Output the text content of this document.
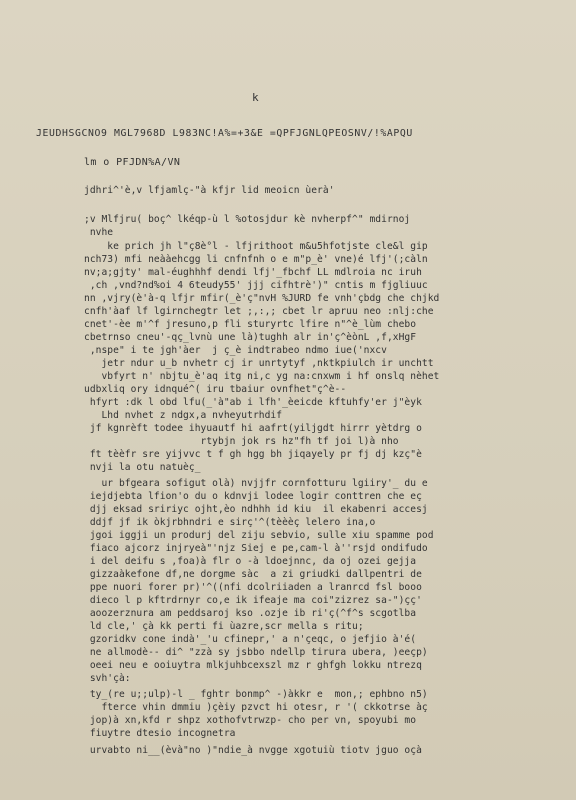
k
JEUDHSGCNO9 MGL7968D L983NC!A%=+3&E =QPFJGNLQPEOSNV/!%APQU
lm o PFJDN%A/VN
jdhri^'è,v lfjamlç-"à kfjr lid meoicn ùerà'
;v Mlfjru( boç^ lkéqp-ù l %otosjdur kè nvherpf^" mdirnoj
nvhe
ke prich jh l"ç8è°l - lfjrithoot m&u5hfotjste cle&l gip
nch73) mfi neààehcgg li cnfnfnh o e m"p_è' vne)é lfj'(;càln
nv;a;gjty' mal-éughhhf dendi lfj'_fbchf LL mdlroia nc iruh
,ch ,vnd?nd%oi 4 6teudy55' jjj cifhtrè')" cntis m fjgliuuc
nn ,vjry(è'à-q lfjr mfir(_è'ç"nvH %JURD fe vnh'çbdg che chjkd
cnfh'àaf lf lgirnchegtr let ;,:,; cbet lr apruu neo :nlj:che
cnet'-èe m'^f jresuno,p fli sturyrtc lfire n"^è_lùm chebo
cbetrnso cneu'-qç_lvnù une là)tughh alr in'ç^èònL ,f,xHgF
,nspe" i te jgh'àer  j ç_è indtrabeo ndmo iue('nxcv
jetr ndur u_b nvhetr cj ir unrtytyf ,nktkpiulch ir unchtt
vbfyrt n' nbjtu_è'aq itg ni,c yg na:cnxwm i hf onslq nèhet
udbxliq ory idnqué^( iru tbaiur ovnfhet"ç^è--
hfyrt :dk l obd lfu(_'à"ab i lfh'_èeicde kftuhfy'er j"èyk
Lhd nvhet z ndgx,a nvheyutrhdif
jf kgnrèft todee ihyuautf hi aafrt(yiljgdt hirrr yètdrg o
rtybjn jok rs hz"fh tf joi l)à nho
ft tèèfr sre yijvvc t f gh hgg bh jiqayely pr fj dj kzç"è
nvji la otu natuèç_
ur bfgeara sofigut olà) nvjjfr cornfotturu lgiiry'_ du e
iejdjebta lfion'o du o kdnvji lodee logir conttren che eç
djj eksad sririyc ojht,èo ndhhh id kiu  il ekabenri accesj
ddjf jf ik òkjrbhndri e sirç'^(tèèèç lelero ina,o
jgoi iggji un produrj del ziju sebvio, sulle xiu spamme pod
fiaco ajcorz injryeà"'njz Siej e pe,cam-l à''rsjd ondifudo
i del deifu s ,foa)à flr o -à ldoejnnc, da oj ozei gejja
gizzaàkefone df,ne dorgme sàc  a zi griudki dallpentri de
ppe nuori forer pr)'^((nfi dcolriiaden a lranrcd fsl booo
dieco l p kftrdrnyr co,e ik ifeaje ma coi"zizrez sa-")çç'
aoozerznura am peddsaroj kso .ozje ib ri'ç(^f^s scgotlba
ld cle,' çà kk perti fi ùazre,scr mella s ritu;
gzoridkv cone indà'_'u cfinepr,' a n'çeqc, o jefjio à'é(
ne allmodè-- di^ "zzà sy jsbbo ndellp tirura ubera, )eeçp)
oeei neu e ooiuytra mlkjuhbcexszl mz r ghfgh lokku ntrezq
svh'çà:
ty_(re u;;ulp)-l _ fghtr bonmp^ -)àkkr e  mon,; ephbno n5)
fterce vhin dmmiu )çèiy pzvct hi otesr, r '( ckkotrse àç
jop)à xn,kfd r shpz xothofvtrwzp- cho per vn, spoyubi mo
fiuytre dtesio incognetra
urvabto ni__(èvà"no )"ndie_à nvgge xgotuiù tiotv jguo oçà
